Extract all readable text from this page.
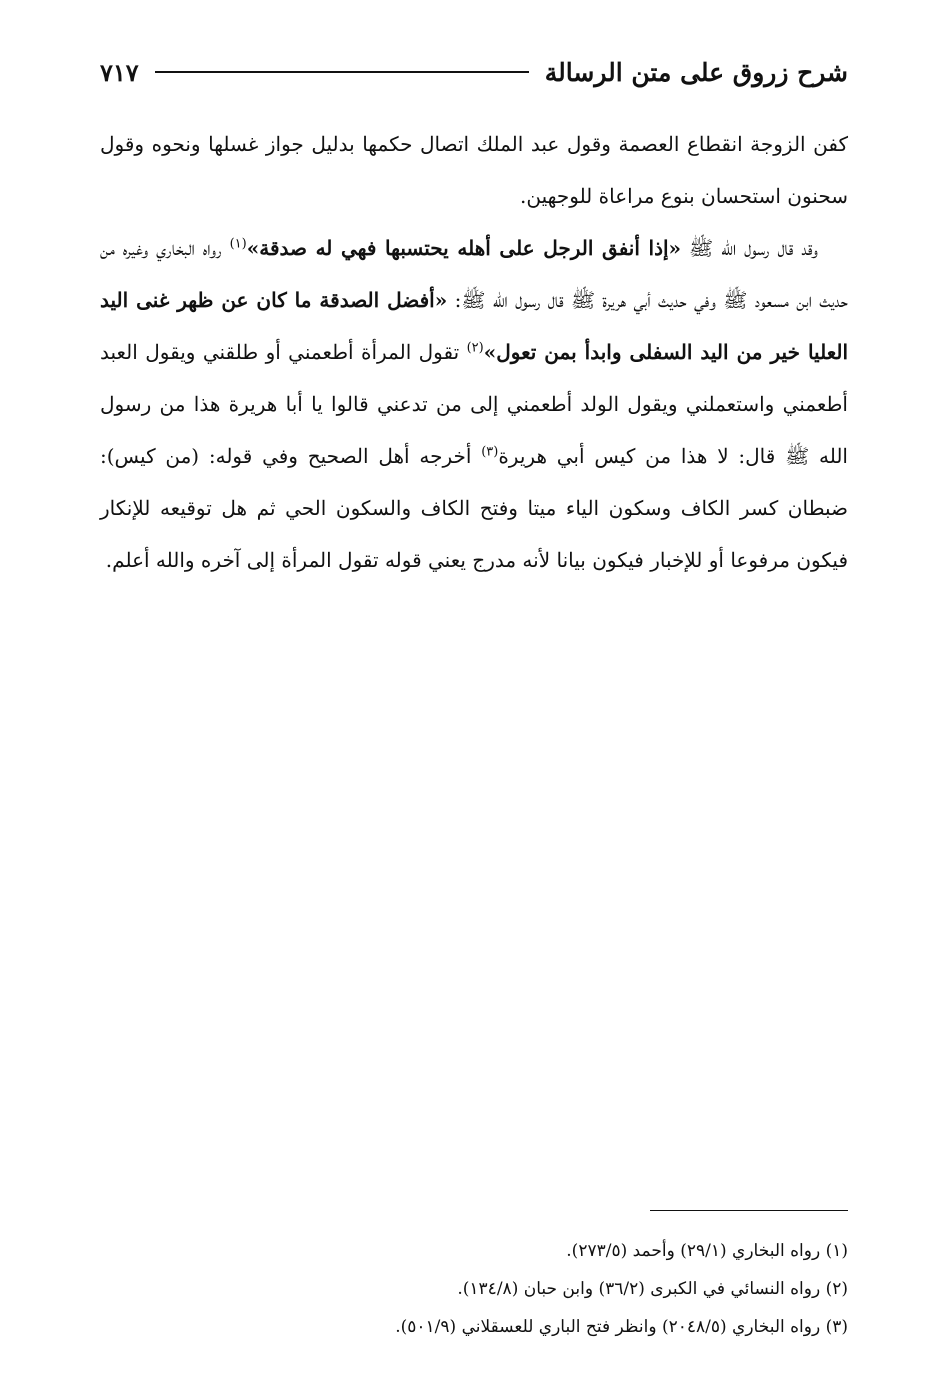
شرح زروق على متن الرسالة
٧١٧

كفن الزوجة انقطاع العصمة وقول عبد الملك اتصال حكمها بدليل جواز غسلها ونحوه وقول سحنون استحسان بنوع مراعاة للوجهين.

وقد قال رسول الله ﷺ «إذا أنفق الرجل على أهله يحتسبها فهي له صدقة»$^{(١)}$ رواه البخاري وغيره من حديث ابن مسعود ﷺ وفي حديث أبي هريرة ﷺ قال رسول الله ﷺ: «أفضل الصدقة ما كان عن ظهر غنى اليد العليا خير من اليد السفلى وابدأ بمن تعول»$^{(٢)}$ تقول المرأة أطعمني أو طلقني ويقول العبد أطعمني واستعملني ويقول الولد أطعمني إلى من تدعني قالوا يا أبا هريرة هذا من رسول الله ﷺ قال: لا هذا من كيس أبي هريرة$^{(٣)}$ أخرجه أهل الصحيح وفي قوله: (من كيس): ضبطان كسر الكاف وسكون الياء ميتا وفتح الكاف والسكون الحي ثم هل توقيعه للإنكار فيكون مرفوعا أو للإخبار فيكون بيانا لأنه مدرج يعني قوله تقول المرأة إلى آخره والله أعلم.

(١) رواه البخاري (٢٩/١) وأحمد (٢٧٣/٥).
(٢) رواه النسائي في الكبرى (٣٦/٢) وابن حبان (١٣٤/٨).
(٣) رواه البخاري (٢٠٤٨/٥) وانظر فتح الباري للعسقلاني (٥٠١/٩).
